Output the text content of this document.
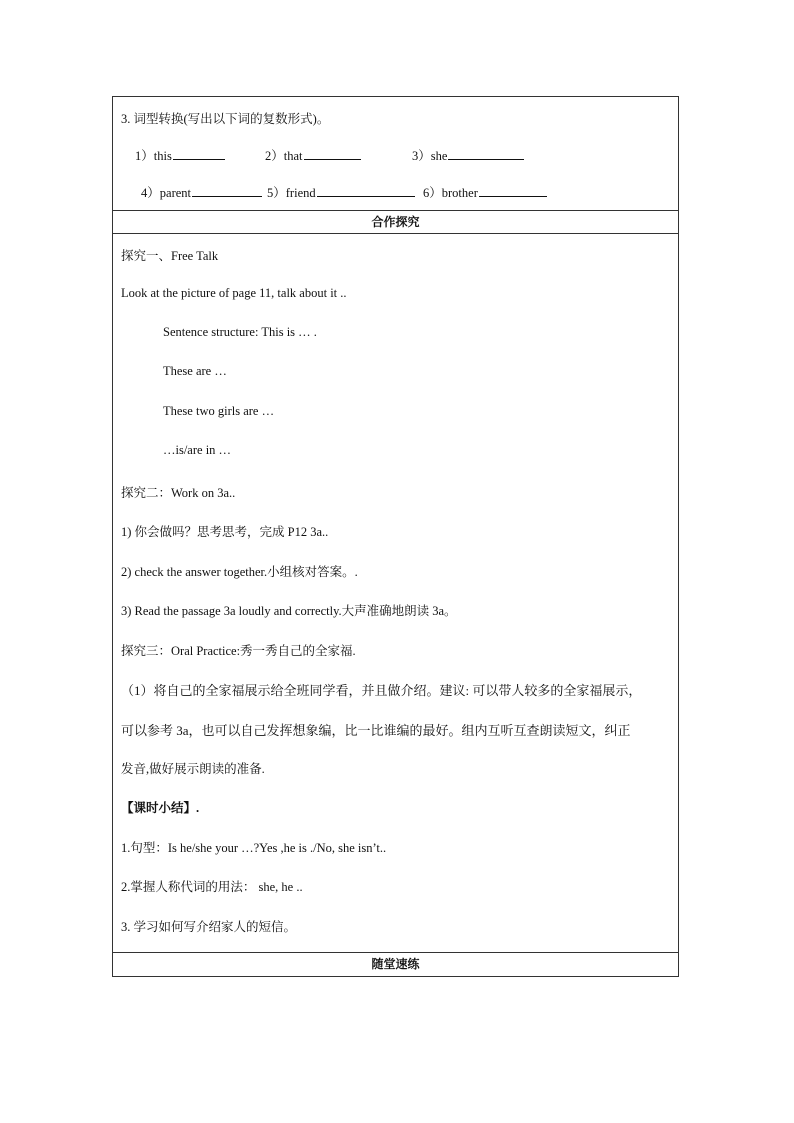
3. 词型转换(写出以下词的复数形式)。
1）this	2）that	3）she
4）parent	5）friend	6）brother
合作探究
探究一、Free Talk
Look at the picture of page 11, talk about it ..
Sentence structure: This is … .
These are …
These two girls are …
…is/are in …
探究二：Work on 3a..
1) 你会做吗？思考思考，完成 P12 3a..
2) check the answer together.小组核对答案。.
3) Read the passage 3a loudly and correctly.大声准确地朗读 3a。
探究三：Oral Practice:秀一秀自己的全家福.
（1）将自己的全家福展示给全班同学看，并且做介绍。建议: 可以带人较多的全家福展示，
可以参考 3a，也可以自己发挥想象编，比一比谁编的最好。组内互听互查朗读短文，纠正
发音,做好展示朗读的准备.
【课时小结】.
1.句型：Is he/she your …?Yes ,he is ./No, she isn’t..
2.掌握人称代词的用法： she, he ..
3. 学习如何写介绍家人的短信。
随堂速练
